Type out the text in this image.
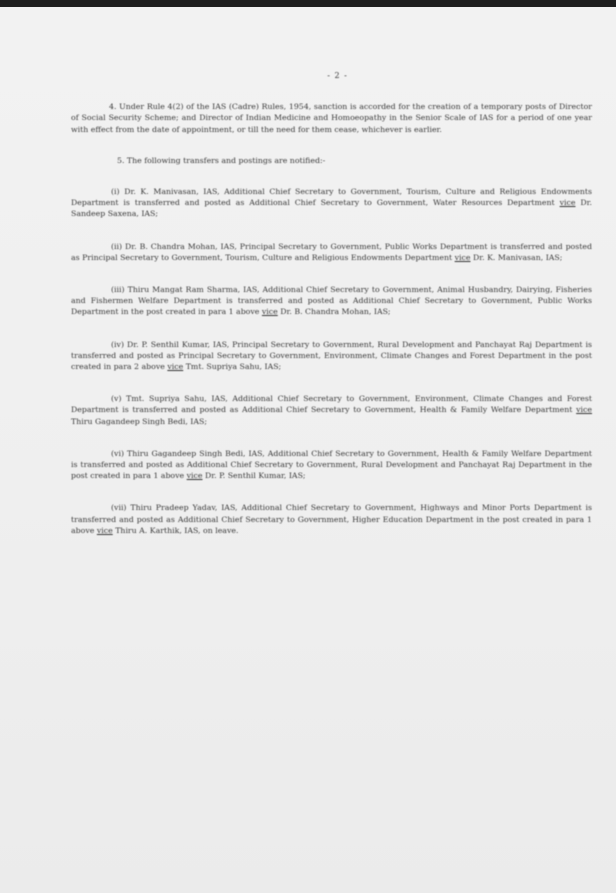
- 2 -

4. Under Rule 4(2) of the IAS (Cadre) Rules, 1954, sanction is accorded for the creation of a temporary posts of Director of Social Security Scheme; and Director of Indian Medicine and Homoeopathy in the Senior Scale of IAS for a period of one year with effect from the date of appointment, or till the need for them cease, whichever is earlier.

5. The following transfers and postings are notified:-

(i) Dr. K. Manivasan, IAS, Additional Chief Secretary to Government, Tourism, Culture and Religious Endowments Department is transferred and posted as Additional Chief Secretary to Government, Water Resources Department vice Dr. Sandeep Saxena, IAS;

(ii) Dr. B. Chandra Mohan, IAS, Principal Secretary to Government, Public Works Department is transferred and posted as Principal Secretary to Government, Tourism, Culture and Religious Endowments Department vice Dr. K. Manivasan, IAS;

(iii) Thiru Mangat Ram Sharma, IAS, Additional Chief Secretary to Government, Animal Husbandry, Dairying, Fisheries and Fishermen Welfare Department is transferred and posted as Additional Chief Secretary to Government, Public Works Department in the post created in para 1 above vice Dr. B. Chandra Mohan, IAS;

(iv) Dr. P. Senthil Kumar, IAS, Principal Secretary to Government, Rural Development and Panchayat Raj Department is transferred and posted as Principal Secretary to Government, Environment, Climate Changes and Forest Department in the post created in para 2 above vice Tmt. Supriya Sahu, IAS;

(v) Tmt. Supriya Sahu, IAS, Additional Chief Secretary to Government, Environment, Climate Changes and Forest Department is transferred and posted as Additional Chief Secretary to Government, Health & Family Welfare Department vice Thiru Gagandeep Singh Bedi, IAS;

(vi) Thiru Gagandeep Singh Bedi, IAS, Additional Chief Secretary to Government, Health & Family Welfare Department is transferred and posted as Additional Chief Secretary to Government, Rural Development and Panchayat Raj Department in the post created in para 1 above vice Dr. P. Senthil Kumar, IAS;

(vii) Thiru Pradeep Yadav, IAS, Additional Chief Secretary to Government, Highways and Minor Ports Department is transferred and posted as Additional Chief Secretary to Government, Higher Education Department in the post created in para 1 above vice Thiru A. Karthik, IAS, on leave.
